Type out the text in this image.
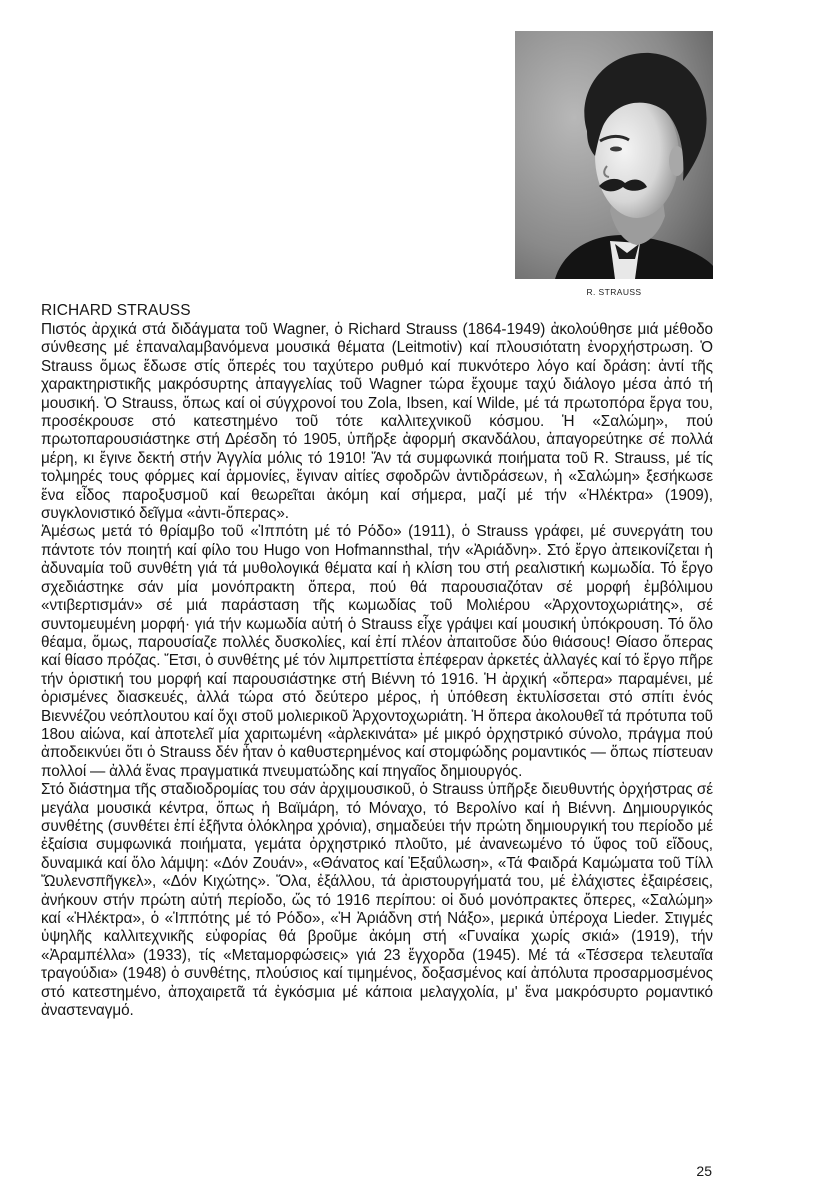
R. STRAUSS
RICHARD STRAUSS

Πιστός ἀρχικά στά διδάγματα τοῦ Wagner, ὁ Richard Strauss (1864-1949) ἀκολούθησε μιά μέθοδο σύνθεσης μέ ἐπαναλαμβανόμενα μουσικά θέματα (Leitmotiv) καί πλουσιότατη ἐνορχήστρωση. Ὁ Strauss ὅμως ἔδωσε στίς ὄπερές του ταχύτερο ρυθμό καί πυκνότερο λόγο καί δράση: ἀντί τῆς χαρακτηριστικῆς μακρόσυρτης ἀπαγγελίας τοῦ Wagner τώρα ἔχουμε ταχύ διάλογο μέσα ἀπό τή μουσική. Ὁ Strauss, ὅπως καί οἱ σύγχρονοί του Zola, Ibsen, καί Wilde, μέ τά πρωτοπόρα ἔργα του, προσέκρουσε στό κατεστημένο τοῦ τότε καλλιτεχνικοῦ κόσμου. Ἡ «Σαλώμη», πού πρωτοπαρουσιάστηκε στή Δρέσδη τό 1905, ὑπῆρξε ἀφορμή σκανδάλου, ἀπαγορεύτηκε σέ πολλά μέρη, κι ἔγινε δεκτή στήν Ἀγγλία μόλις τό 1910! Ἄν τά συμφωνικά ποιήματα τοῦ R. Strauss, μέ τίς τολμηρές τους φόρμες καί ἁρμονίες, ἔγιναν αἰτίες σφοδρῶν ἀντιδράσεων, ἡ «Σαλώμη» ξεσήκωσε ἕνα εἶδος παροξυσμοῦ καί θεωρεῖται ἀκόμη καί σήμερα, μαζί μέ τήν «Ἡλέκτρα» (1909), συγκλονιστικό δεῖγμα «ἀντι-ὄπερας».

Ἀμέσως μετά τό θρίαμβο τοῦ «Ἱππότη μέ τό Ρόδο» (1911), ὁ Strauss γράφει, μέ συνεργάτη του πάντοτε τόν ποιητή καί φίλο του Hugo von Hofmannsthal, τήν «Ἀριάδνη». Στό ἔργο ἀπεικονίζεται ἡ ἀδυναμία τοῦ συνθέτη γιά τά μυθολογικά θέματα καί ἡ κλίση του στή ρεαλιστική κωμωδία. Τό ἔργο σχεδιάστηκε σάν μία μονόπρακτη ὄπερα, πού θά παρουσιαζόταν σέ μορφή ἐμβόλιμου «ντιβερτισμάν» σέ μιά παράσταση τῆς κωμωδίας τοῦ Μολιέρου «Ἀρχοντοχωριάτης», σέ συντομευμένη μορφή· γιά τήν κωμωδία αὐτή ὁ Strauss εἶχε γράψει καί μουσική ὑπόκρουση. Τό ὅλο θέαμα, ὅμως, παρουσίαζε πολλές δυσκολίες, καί ἐπί πλέον ἀπαιτοῦσε δύο θιάσους! Θίασο ὄπερας καί θίασο πρόζας. Ἔτσι, ὁ συνθέτης μέ τόν λιμπρεττίστα ἐπέφεραν ἀρκετές ἀλλαγές καί τό ἔργο πῆρε τήν ὁριστική του μορφή καί παρουσιάστηκε στή Βιέννη τό 1916. Ἡ ἀρχική «ὄπερα» παραμένει, μέ ὁρισμένες διασκευές, ἀλλά τώρα στό δεύτερο μέρος, ἡ ὑπόθεση ἐκτυλίσσεται στό σπίτι ἑνός Βιεννέζου νεόπλουτου καί ὄχι στοῦ μολιερικοῦ Ἀρχοντοχωριάτη. Ἡ ὄπερα ἀκολουθεῖ τά πρότυπα τοῦ 18ου αἰώνα, καί ἀποτελεῖ μία χαριτωμένη «ἀρλεκινάτα» μέ μικρό ὀρχηστρικό σύνολο, πράγμα πού ἀποδεικνύει ὅτι ὁ Strauss δέν ἦταν ὁ καθυστερημένος καί στομφώδης ρομαντικός — ὅπως πίστευαν πολλοί — ἀλλά ἕνας πραγματικά πνευματώδης καί πηγαῖος δημιουργός.

Στό διάστημα τῆς σταδιοδρομίας του σάν ἀρχιμουσικοῦ, ὁ Strauss ὑπῆρξε διευθυντής ὀρχήστρας σέ μεγάλα μουσικά κέντρα, ὅπως ἡ Βαϊμάρη, τό Μόναχο, τό Βερολίνο καί ἡ Βιέννη. Δημιουργικός συνθέτης (συνθέτει ἐπί ἑξῆντα ὁλόκληρα χρόνια), σημαδεύει τήν πρώτη δημιουργική του περίοδο μέ ἐξαίσια συμφωνικά ποιήματα, γεμάτα ὀρχηστρικό πλοῦτο, μέ ἀνανεωμένο τό ὕφος τοῦ εἴδους, δυναμικά καί ὅλο λάμψη: «Δόν Ζουάν», «Θάνατος καί Ἐξαΰλωση», «Τά Φαιδρά Καμώματα τοῦ Τίλλ Ὤυλενσπῆγκελ», «Δόν Κιχώτης». Ὅλα, ἐξάλλου, τά ἀριστουργήματά του, μέ ἐλάχιστες ἐξαιρέσεις, ἀνήκουν στήν πρώτη αὐτή περίοδο, ὥς τό 1916 περίπου: οἱ δυό μονόπρακτες ὄπερες, «Σαλώμη» καί «Ἡλέκτρα», ὁ «Ἱππότης μέ τό Ρόδο», «Ἡ Ἀριάδνη στή Νάξο», μερικά ὑπέροχα Lieder. Στιγμές ὑψηλῆς καλλιτεχνικῆς εὐφορίας θά βροῦμε ἀκόμη στή «Γυναίκα χωρίς σκιά» (1919), τήν «Ἀραμπέλλα» (1933), τίς «Μεταμορφώσεις» γιά 23 ἔγχορδα (1945). Μέ τά «Τέσσερα τελευταῖα τραγούδια» (1948) ὁ συνθέτης, πλούσιος καί τιμημένος, δοξασμένος καί ἀπόλυτα προσαρμοσμένος στό κατεστημένο, ἀποχαιρετᾶ τά ἐγκόσμια μέ κάποια μελαγχολία, μ' ἕνα μακρόσυρτο ρομαντικό ἀναστεναγμό.

25
